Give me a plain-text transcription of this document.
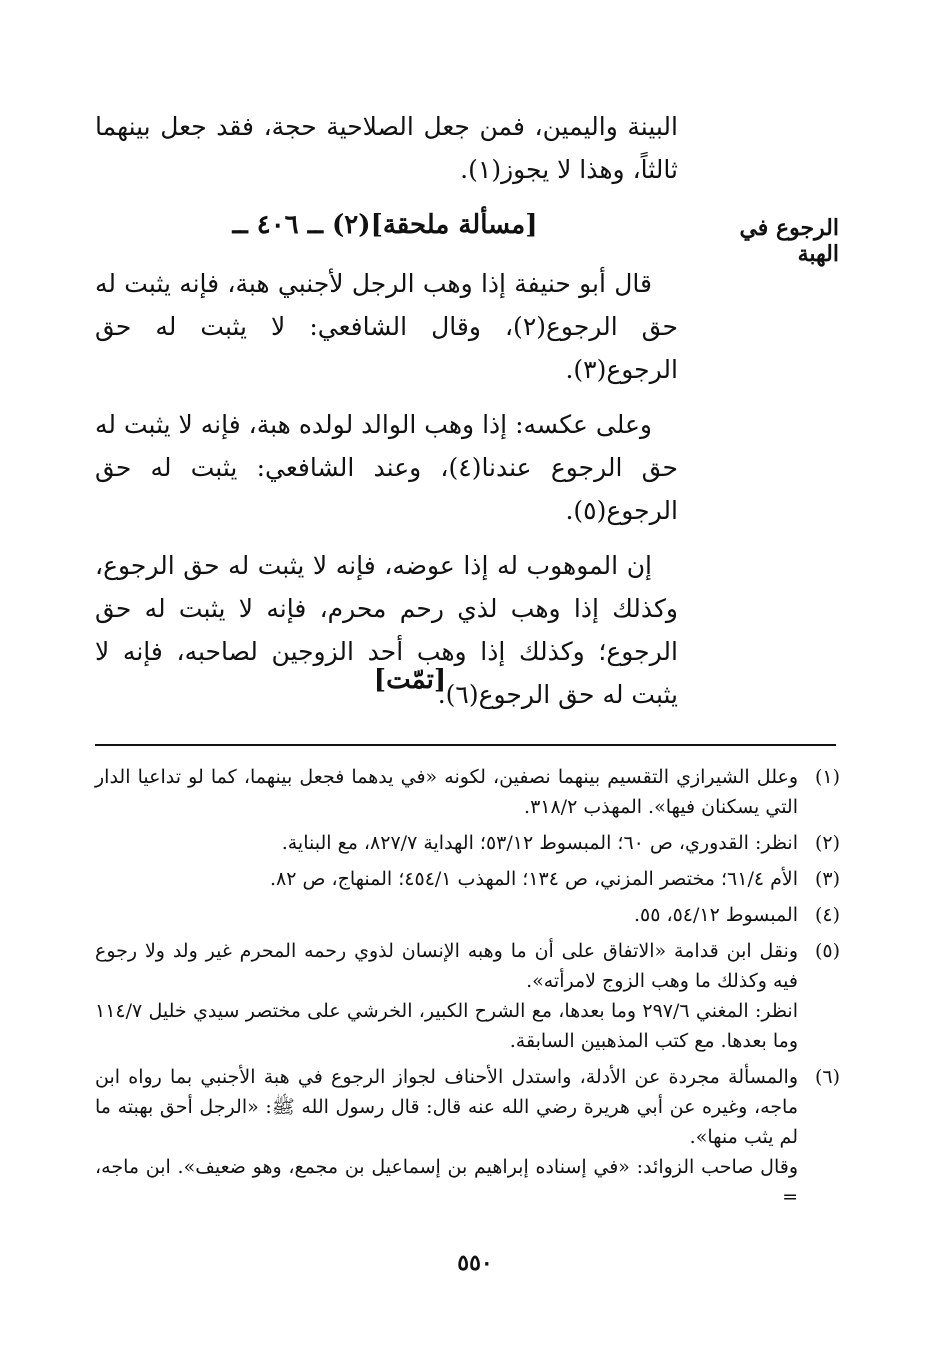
الرجوع في الهبة

البينة واليمين، فمن جعل الصلاحية حجة، فقد جعل بينهما ثالثاً، وهذا لا يجوز(١).

[مسألة ملحقة](٢) ــ ٤٠٦ ــ

قال أبو حنيفة إذا وهب الرجل لأجنبي هبة، فإنه يثبت له حق الرجوع(٢)، وقال الشافعي: لا يثبت له حق الرجوع(٣).

وعلى عكسه: إذا وهب الوالد لولده هبة، فإنه لا يثبت له حق الرجوع عندنا(٤)، وعند الشافعي: يثبت له حق الرجوع(٥).

إن الموهوب له إذا عوضه، فإنه لا يثبت له حق الرجوع، وكذلك إذا وهب لذي رحم محرم، فإنه لا يثبت له حق الرجوع؛ وكذلك إذا وهب أحد الزوجين لصاحبه، فإنه لا يثبت له حق الرجوع(٦).

[تمّت]
(١)

وعلل الشيرازي التقسيم بينهما نصفين، لكونه «في يدهما فجعل بينهما، كما لو تداعيا الدار التي يسكنان فيها». المهذب ٣١٨/٢.

(٢)

انظر: القدوري، ص ٦٠؛ المبسوط ٥٣/١٢؛ الهداية ٨٢٧/٧، مع البناية.

(٣)

الأم ٦١/٤؛ مختصر المزني، ص ١٣٤؛ المهذب ٤٥٤/١؛ المنهاج، ص ٨٢.

(٤)

المبسوط ٥٤/١٢، ٥٥.

(٥)

ونقل ابن قدامة «الاتفاق على أن ما وهبه الإنسان لذوي رحمه المحرم غير ولد ولا رجوع فيه وكذلك ما وهب الزوج لامرأته».

انظر: المغني ٢٩٧/٦ وما بعدها، مع الشرح الكبير، الخرشي على مختصر سيدي خليل ١١٤/٧ وما بعدها. مع كتب المذهبين السابقة.

(٦)

والمسألة مجردة عن الأدلة، واستدل الأحناف لجواز الرجوع في هبة الأجنبي بما رواه ابن ماجه، وغيره عن أبي هريرة رضي الله عنه قال: قال رسول الله ﷺ: «الرجل أحق بهبته ما لم يثب منها».

وقال صاحب الزوائد: «في إسناده إبراهيم بن إسماعيل بن مجمع، وهو ضعيف». ابن ماجه، =

٥٥٠
